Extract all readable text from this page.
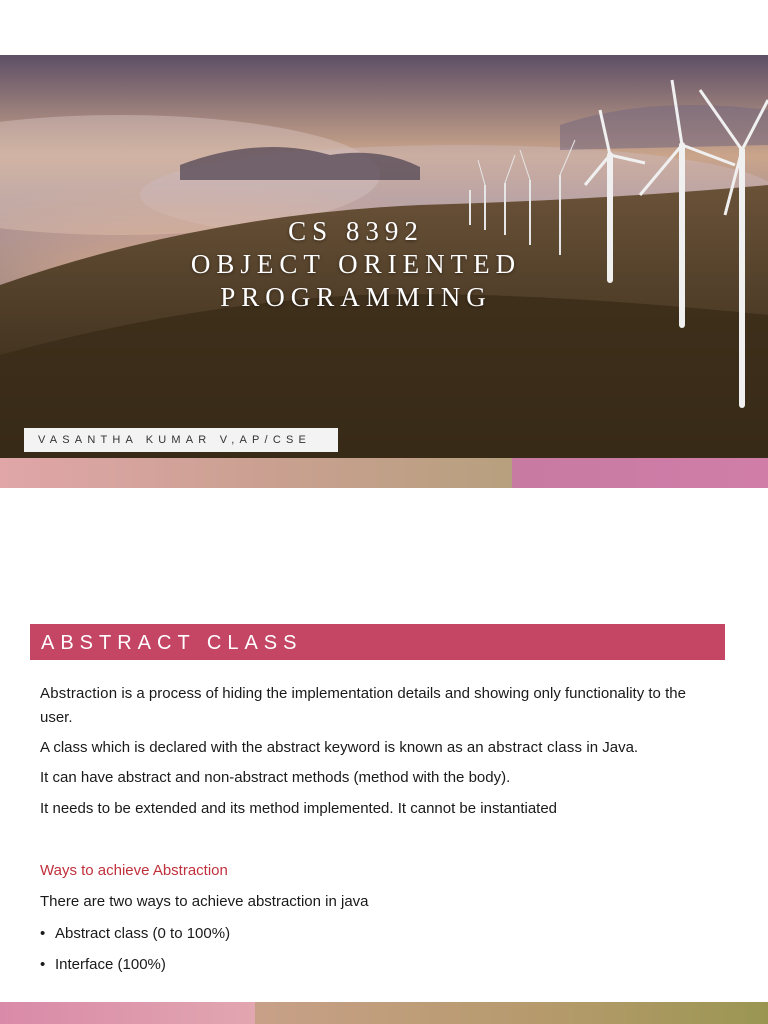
CS 8392
OBJECT ORIENTED
PROGRAMMING
VASANTHA KUMAR V,AP/CSE
ABSTRACT CLASS

Abstraction is a process of hiding the implementation details and showing only functionality to the user.

A class which is declared with the abstract keyword is known as an abstract class in Java.

It can have abstract and non-abstract methods (method with the body).

It needs to be extended and its method implemented. It cannot be instantiated

Ways to achieve Abstraction

There are two ways to achieve abstraction in java

• Abstract class (0 to 100%)

• Interface (100%)
